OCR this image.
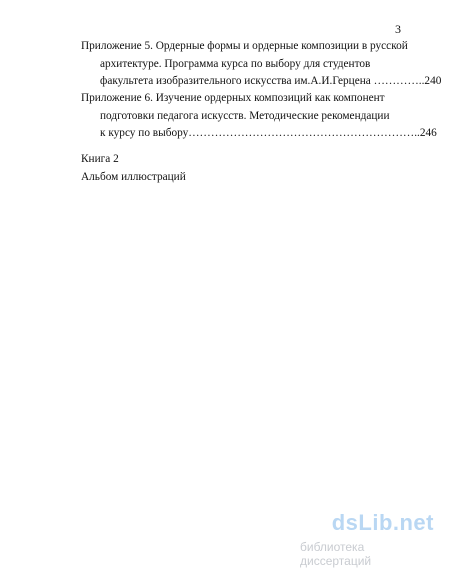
3
Приложение 5. Ордерные формы и ордерные композиции в русской
архитектуре. Программа курса по выбору для студентов
факультета изобразительного искусства им.А.И.Герцена …………..240
Приложение 6. Изучение ордерных композиций как компонент
подготовки педагога искусств. Методические рекомендации
к курсу по выбору……………………………………………………..246
Книга 2
Альбом иллюстраций
dsLib.net
библиотека диссертаций
